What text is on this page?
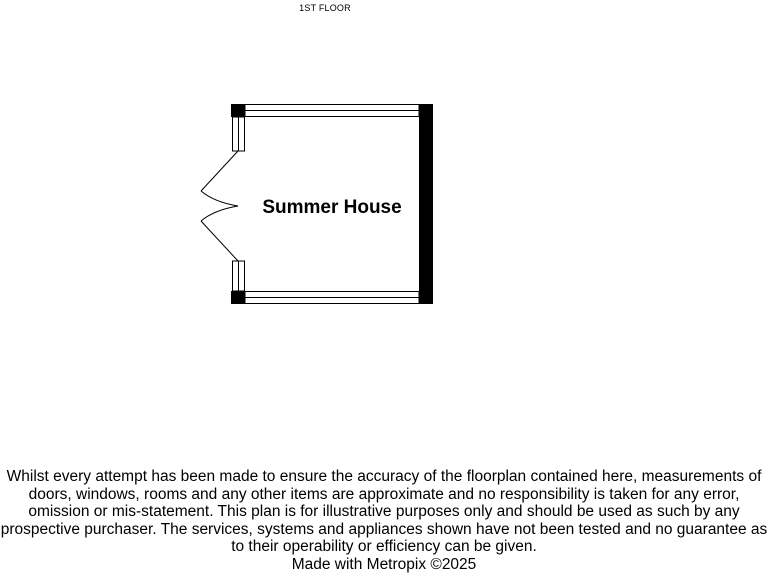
1ST FLOOR
Summer House

Whilst every attempt has been made to ensure the accuracy of the floorplan contained here, measurements of doors, windows, rooms and any other items are approximate and no responsibility is taken for any error, omission or mis-statement. This plan is for illustrative purposes only and should be used as such by any prospective purchaser. The services, systems and appliances shown have not been tested and no guarantee as to their operability or efficiency can be given.

Made with Metropix ©2025
